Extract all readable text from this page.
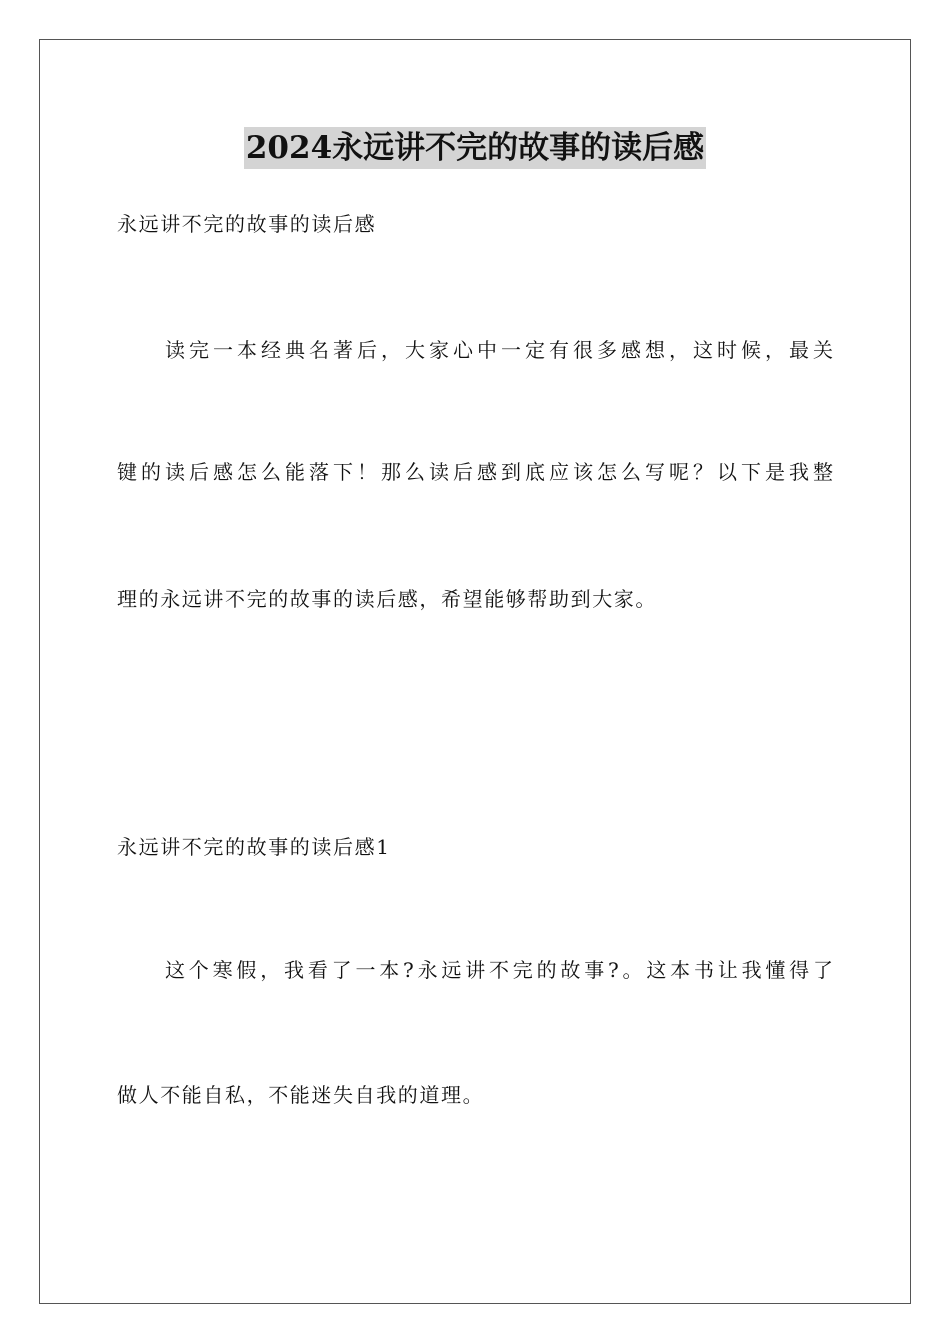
2024永远讲不完的故事的读后感
永远讲不完的故事的读后感
读完一本经典名著后，大家心中一定有很多感想，这时候，最关
键的读后感怎么能落下！那么读后感到底应该怎么写呢？以下是我整
理的永远讲不完的故事的读后感，希望能够帮助到大家。
永远讲不完的故事的读后感1
这个寒假，我看了一本?永远讲不完的故事?。这本书让我懂得了
做人不能自私，不能迷失自我的道理。
